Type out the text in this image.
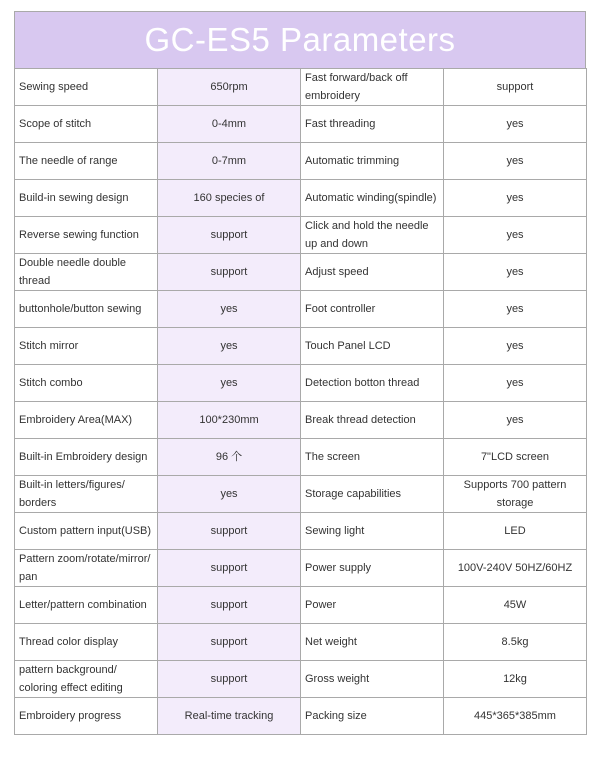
GC-ES5 Parameters
Sewing speed	650rpm	Fast forward/back off embroidery	support
Scope of stitch	0-4mm	Fast threading	yes
The needle of range	0-7mm	Automatic trimming	yes
Build-in sewing design	160 species of	Automatic winding(spindle)	yes
Reverse sewing function	support	Click and hold the needle up and down	yes
Double needle double thread	support	Adjust speed	yes
buttonhole/button sewing	yes	Foot controller	yes
Stitch mirror	yes	Touch Panel LCD	yes
Stitch combo	yes	Detection botton thread	yes
Embroidery Area(MAX)	100*230mm	Break thread detection	yes
Built-in Embroidery design	96 个	The screen	7"LCD screen
Built-in letters/figures/ borders	yes	Storage capabilities	Supports 700 pattern storage
Custom pattern input(USB)	support	Sewing light	LED
Pattern zoom/rotate/mirror/ pan	support	Power supply	100V-240V 50HZ/60HZ
Letter/pattern combination	support	Power	45W
Thread color display	support	Net weight	8.5kg
pattern background/ coloring effect editing	support	Gross weight	12kg
Embroidery progress	Real-time tracking	Packing size	445*365*385mm
